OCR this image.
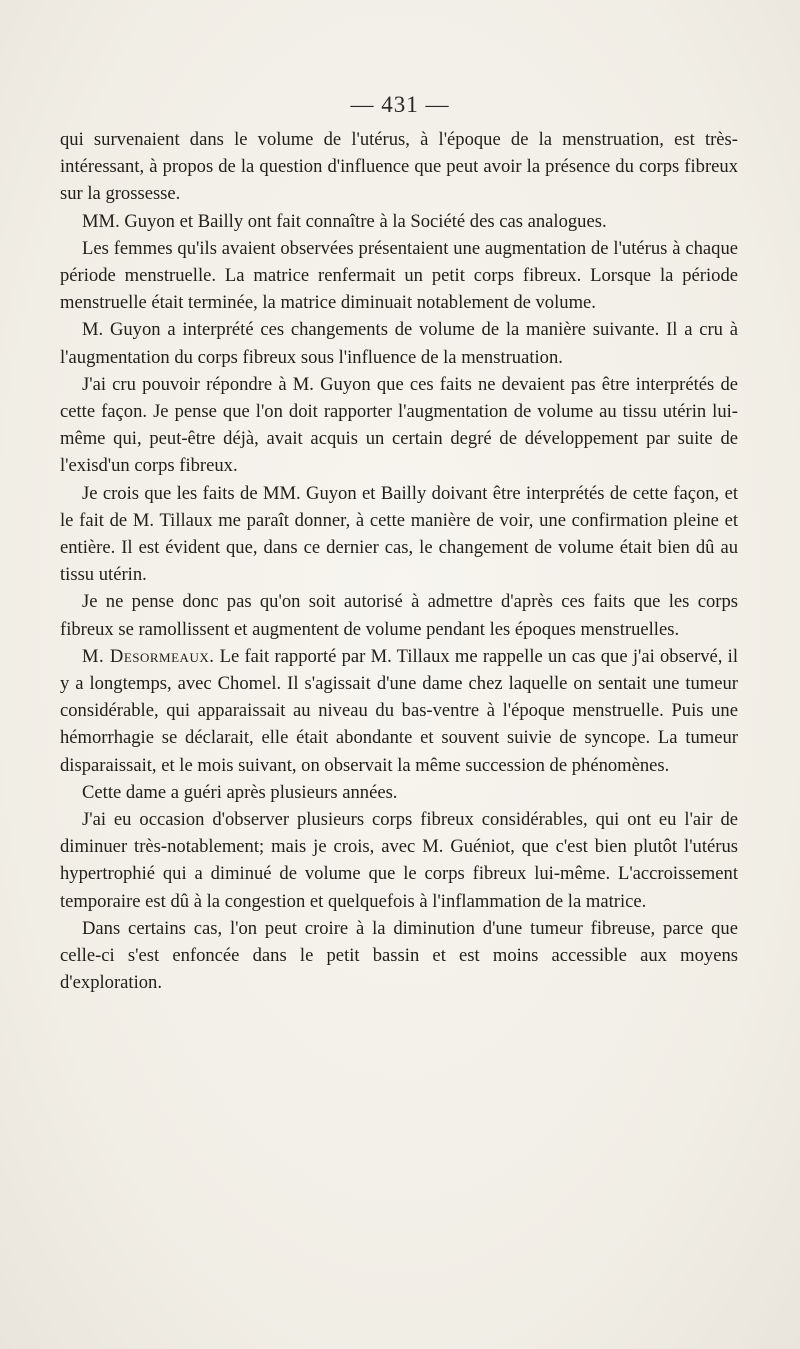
— 431 —

qui survenaient dans le volume de l'utérus, à l'époque de la menstruation, est très-intéressant, à propos de la question d'influence que peut avoir la présence du corps fibreux sur la grossesse.

MM. Guyon et Bailly ont fait connaître à la Société des cas analogues.

Les femmes qu'ils avaient observées présentaient une augmentation de l'utérus à chaque période menstruelle. La matrice renfermait un petit corps fibreux. Lorsque la période menstruelle était terminée, la matrice diminuait notablement de volume.

M. Guyon a interprété ces changements de volume de la manière suivante. Il a cru à l'augmentation du corps fibreux sous l'influence de la menstruation.

J'ai cru pouvoir répondre à M. Guyon que ces faits ne devaient pas être interprétés de cette façon. Je pense que l'on doit rapporter l'augmentation de volume au tissu utérin lui-même qui, peut-être déjà, avait acquis un certain degré de développement par suite de l'exisd'un corps fibreux.

Je crois que les faits de MM. Guyon et Bailly doivant être interprétés de cette façon, et le fait de M. Tillaux me paraît donner, à cette manière de voir, une confirmation pleine et entière. Il est évident que, dans ce dernier cas, le changement de volume était bien dû au tissu utérin.

Je ne pense donc pas qu'on soit autorisé à admettre d'après ces faits que les corps fibreux se ramollissent et augmentent de volume pendant les époques menstruelles.

M. Desormeaux. Le fait rapporté par M. Tillaux me rappelle un cas que j'ai observé, il y a longtemps, avec Chomel. Il s'agissait d'une dame chez laquelle on sentait une tumeur considérable, qui apparaissait au niveau du bas-ventre à l'époque menstruelle. Puis une hémorrhagie se déclarait, elle était abondante et souvent suivie de syncope. La tumeur disparaissait, et le mois suivant, on observait la même succession de phénomènes.

Cette dame a guéri après plusieurs années.

J'ai eu occasion d'observer plusieurs corps fibreux considérables, qui ont eu l'air de diminuer très-notablement; mais je crois, avec M. Guéniot, que c'est bien plutôt l'utérus hypertrophié qui a diminué de volume que le corps fibreux lui-même. L'accroissement temporaire est dû à la congestion et quelquefois à l'inflammation de la matrice.

Dans certains cas, l'on peut croire à la diminution d'une tumeur fibreuse, parce que celle-ci s'est enfoncée dans le petit bassin et est moins accessible aux moyens d'exploration.
